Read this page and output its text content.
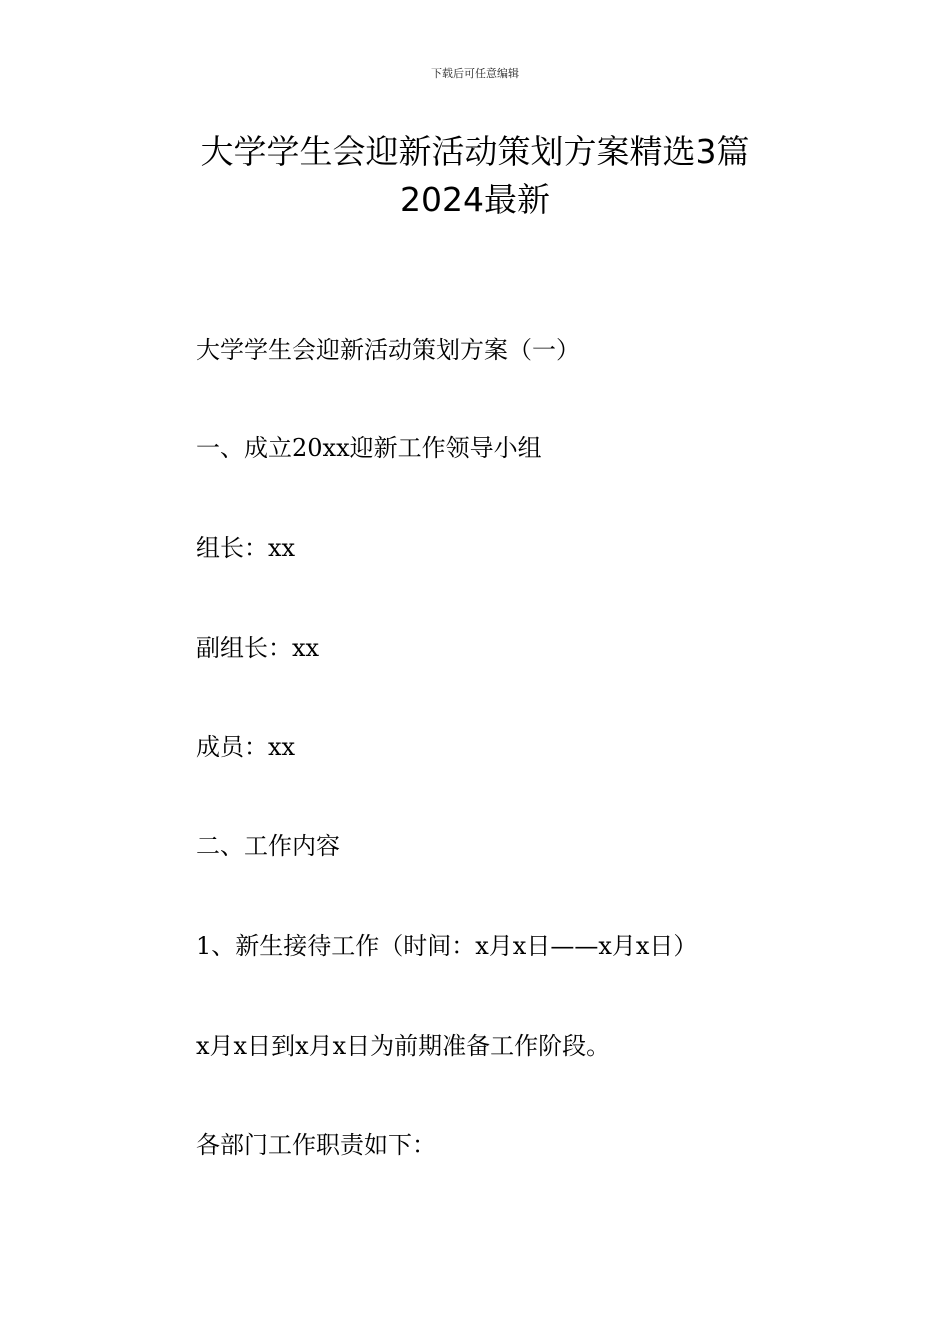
下载后可任意编辑
大学学生会迎新活动策划方案精选3篇
2024最新

大学学生会迎新活动策划方案（一）

一、成立20xx迎新工作领导小组

组长：xx

副组长：xx

成员：xx

二、工作内容

1、新生接待工作（时间：x月x日——x月x日）

x月x日到x月x日为前期准备工作阶段。

各部门工作职责如下：
